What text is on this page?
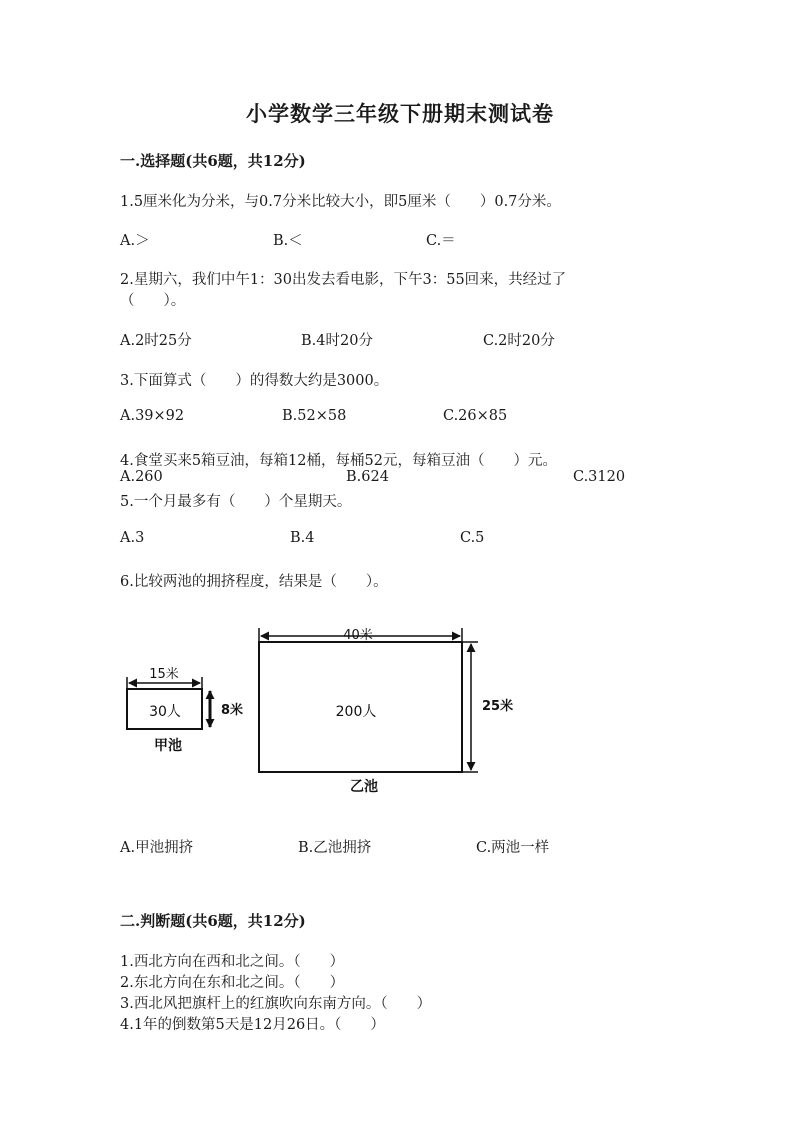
小学数学三年级下册期末测试卷
一.选择题(共6题，共12分)
1.5厘米化为分米，与0.7分米比较大小，即5厘米（　　）0.7分米。
A.＞	B.＜	C.＝
2.星期六，我们中午1：30出发去看电影，下午3：55回来，共经过了
（　　）。
A.2时25分	B.4时20分	C.2时20分
3.下面算式（　　）的得数大约是3000。
A.39×92	B.52×58	C.26×85
4.食堂买来5箱豆油，每箱12桶，每桶52元，每箱豆油（　　）元。
A.260	B.624	C.3120
5.一个月最多有（　　）个星期天。
A.3	B.4	C.5
6.比较两池的拥挤程度，结果是（　　）。
15米
8米
30人
甲池
40米
25米
200人
乙池
A.甲池拥挤	B.乙池拥挤	C.两池一样
二.判断题(共6题，共12分)
1.西北方向在西和北之间。（　　）
2.东北方向在东和北之间。（　　）
3.西北风把旗杆上的红旗吹向东南方向。（　　）
4.1年的倒数第5天是12月26日。（　　）
